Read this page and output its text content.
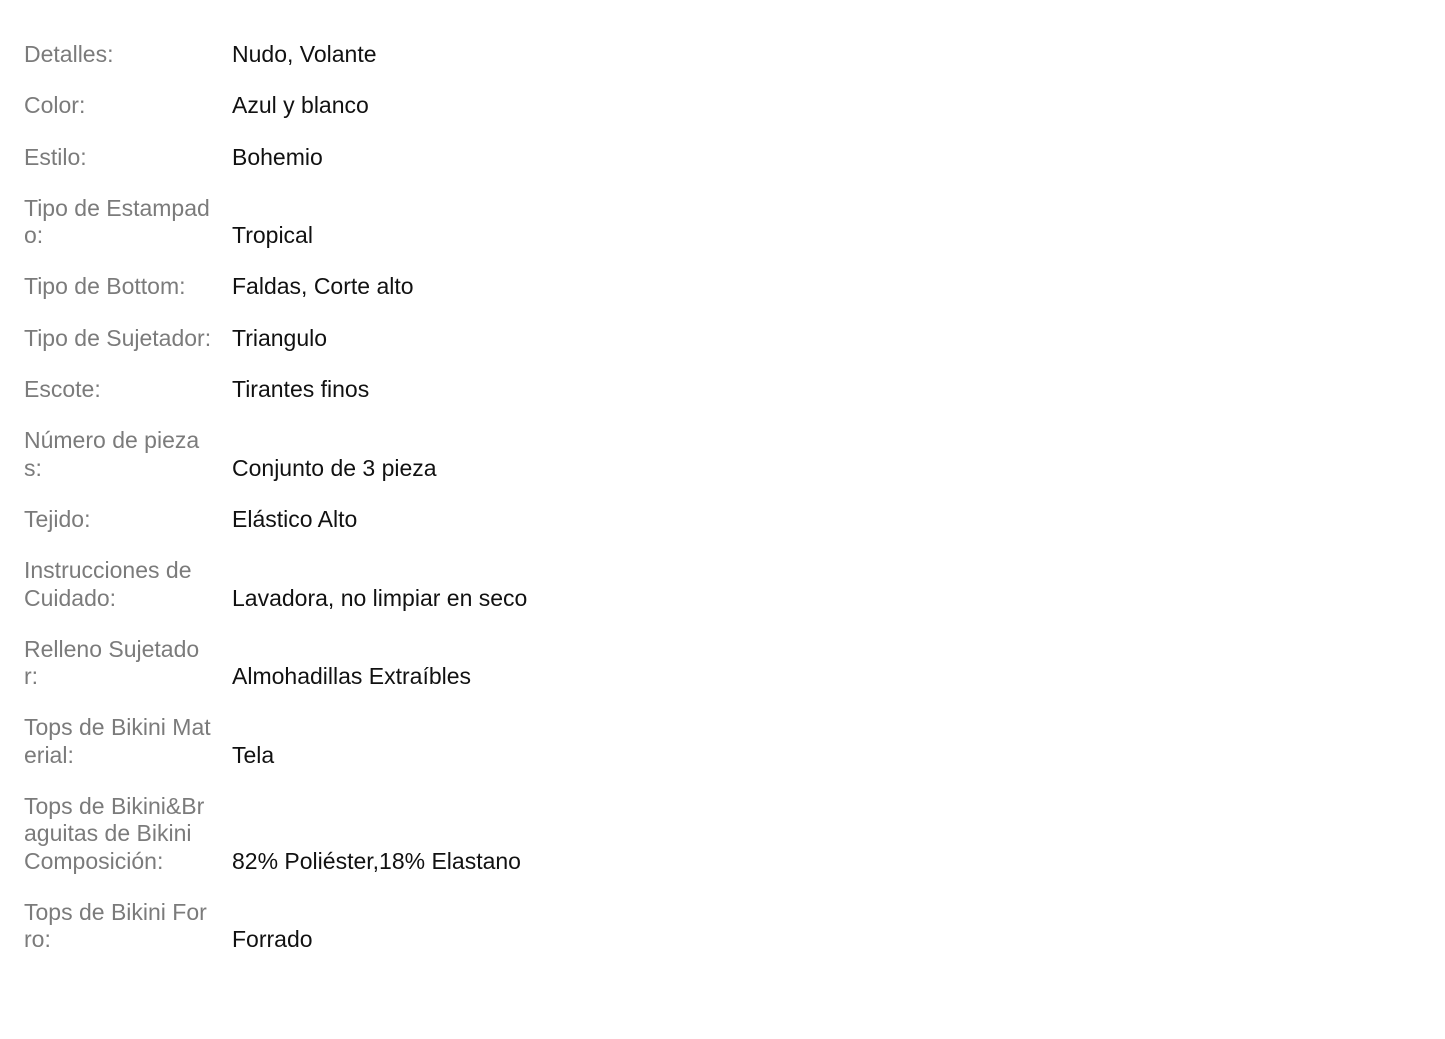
Detalles:	Nudo, Volante
Color:	Azul y blanco
Estilo:	Bohemio
Tipo de Estampado:	Tropical
Tipo de Bottom:	Faldas, Corte alto
Tipo de Sujetador: Triangulo
Escote:	Tirantes finos
Número de piezas:	Conjunto de 3 pieza
Tejido:	Elástico Alto
Instrucciones de Cuidado:	Lavadora, no limpiar en seco
Relleno Sujetador:	Almohadillas Extraíbles
Tops de Bikini Material:	Tela
Tops de Bikini&Braguitas de Bikini Composición:	82% Poliéster,18% Elastano
Tops de Bikini Forro:	Forrado
